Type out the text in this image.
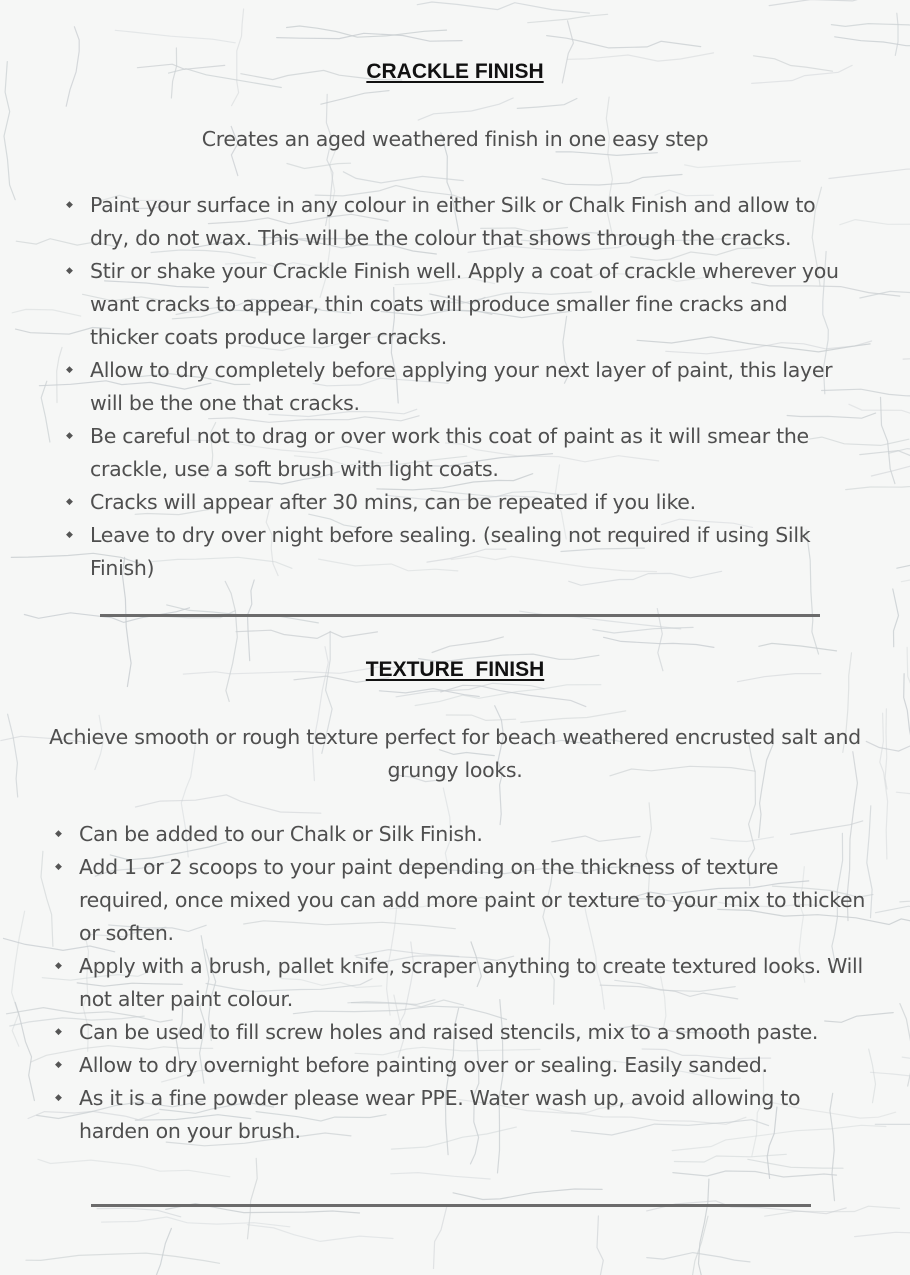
CRACKLE FINISH
Creates an aged weathered finish in one easy step
◆ Paint your surface in any colour in either Silk or Chalk Finish and allow to dry, do not wax. This will be the colour that shows through the cracks.
◆ Stir or shake your Crackle Finish well. Apply a coat of crackle wherever you want cracks to appear, thin coats will produce smaller fine cracks and thicker coats produce larger cracks.
◆ Allow to dry completely before applying your next layer of paint, this layer will be the one that cracks.
◆ Be careful not to drag or over work this coat of paint as it will smear the crackle, use a soft brush with light coats.
◆ Cracks will appear after 30 mins, can be repeated if you like.
◆ Leave to dry over night before sealing. (sealing not required if using Silk Finish)
TEXTURE  FINISH
Achieve smooth or rough texture perfect for beach weathered encrusted salt and grungy looks.
◆ Can be added to our Chalk or Silk Finish.
◆ Add 1 or 2 scoops to your paint depending on the thickness of texture required, once mixed you can add more paint or texture to your mix to thicken or soften.
◆ Apply with a brush, pallet knife, scraper anything to create textured looks. Will not alter paint colour.
◆ Can be used to fill screw holes and raised stencils, mix to a smooth paste.
◆ Allow to dry overnight before painting over or sealing. Easily sanded.
◆ As it is a fine powder please wear PPE. Water wash up, avoid allowing to harden on your brush.
